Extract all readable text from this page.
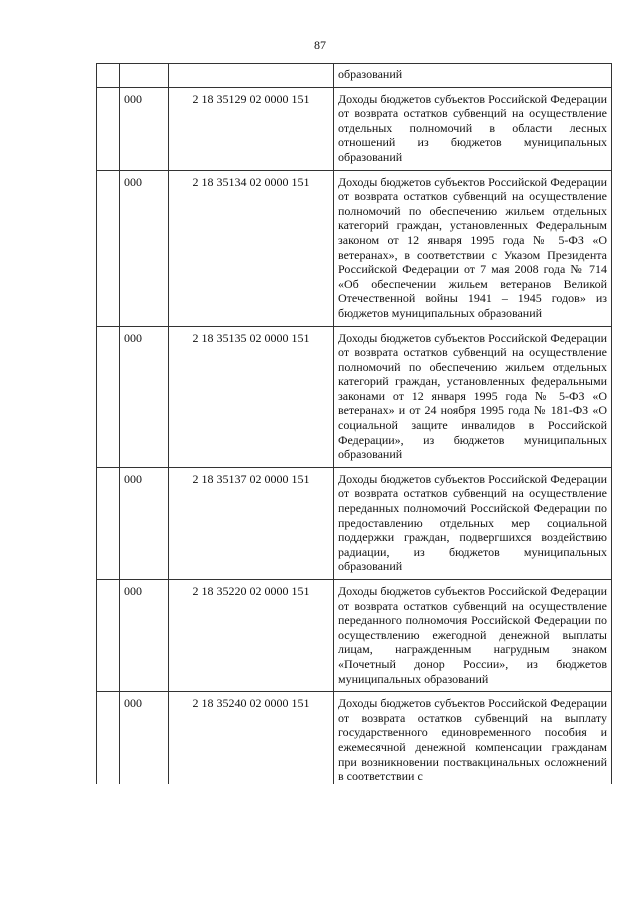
87
			образований
	000	2 18 35129 02 0000 151	Доходы бюджетов субъектов Российской Федерации от возврата остатков субвенций на осуществление отдельных полномочий в области лесных отношений из бюджетов муниципальных образований
	000	2 18 35134 02 0000 151	Доходы бюджетов субъектов Российской Федерации от возврата остатков субвенций на осуществление полномочий по обеспечению жильем отдельных категорий граждан, установленных Федеральным законом от 12 января 1995 года № 5-ФЗ «О ветеранах», в соответствии с Указом Президента Российской Федерации от 7 мая 2008 года № 714 «Об обеспечении жильем ветеранов Великой Отечественной войны 1941 – 1945 годов» из бюджетов муниципальных образований
	000	2 18 35135 02 0000 151	Доходы бюджетов субъектов Российской Федерации от возврата остатков субвенций на осуществление полномочий по обеспечению жильем отдельных категорий граждан, установленных федеральными законами от 12 января 1995 года № 5-ФЗ «О ветеранах» и от 24 ноября 1995 года № 181-ФЗ «О социальной защите инвалидов в Российской Федерации», из бюджетов муниципальных образований
	000	2 18 35137 02 0000 151	Доходы бюджетов субъектов Российской Федерации от возврата остатков субвенций на осуществление переданных полномочий Российской Федерации по предоставлению отдельных мер социальной поддержки граждан, подвергшихся воздействию радиации, из бюджетов муниципальных образований
	000	2 18 35220 02 0000 151	Доходы бюджетов субъектов Российской Федерации от возврата остатков субвенций на осуществление переданного полномочия Российской Федерации по осуществлению ежегодной денежной выплаты лицам, награжденным нагрудным знаком «Почетный донор России», из бюджетов муниципальных образований
	000	2 18 35240 02 0000 151	Доходы бюджетов субъектов Российской Федерации от возврата остатков субвенций на выплату государственного единовременного пособия и ежемесячной денежной компенсации гражданам при возникновении поствакцинальных осложнений в соответствии с
